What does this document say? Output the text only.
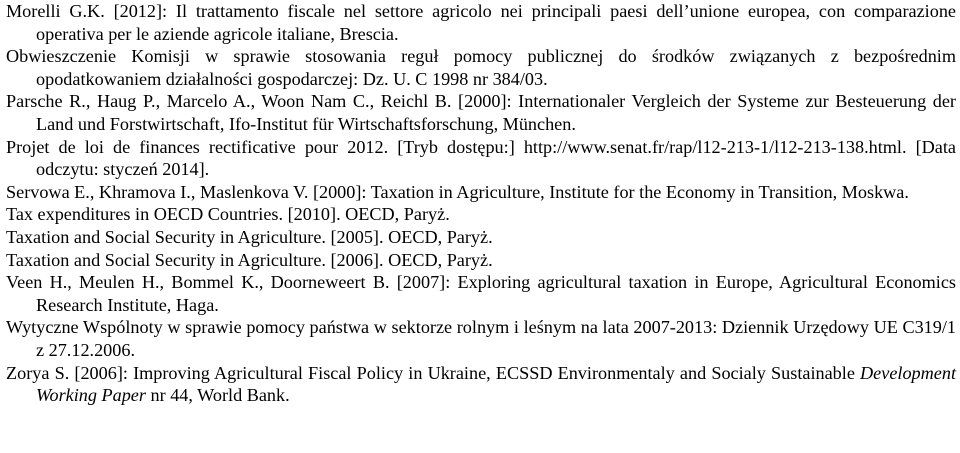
Morelli G.K. [2012]: Il trattamento fiscale nel settore agricolo nei principali paesi dell’unione europea, con comparazione operativa per le aziende agricole italiane, Brescia.

Obwieszczenie Komisji w sprawie stosowania reguł pomocy publicznej do środków związanych z bezpośrednim opodatkowaniem działalności gospodarczej: Dz. U. C 1998 nr 384/03.

Parsche R., Haug P., Marcelo A., Woon Nam C., Reichl B. [2000]: Internationaler Vergleich der Systeme zur Besteuerung der Land und Forstwirtschaft, Ifo-Institut für Wirtschaftsforschung, München.

Projet de loi de finances rectificative pour 2012. [Tryb dostępu:] http://www.senat.fr/rap/l12-213-1/l12-213-138.html. [Data odczytu: styczeń 2014].

Servowa E., Khramova I., Maslenkova V. [2000]: Taxation in Agriculture, Institute for the Economy in Transition, Moskwa.

Tax expenditures in OECD Countries. [2010]. OECD, Paryż.

Taxation and Social Security in Agriculture. [2005]. OECD, Paryż.

Taxation and Social Security in Agriculture. [2006]. OECD, Paryż.

Veen H., Meulen H., Bommel K., Doorneweert B. [2007]: Exploring agricultural taxation in Europe, Agricultural Economics Research Institute, Haga.

Wytyczne Wspólnoty w sprawie pomocy państwa w sektorze rolnym i leśnym na lata 2007-2013: Dziennik Urzędowy UE C319/1 z 27.12.2006.

Zorya S. [2006]: Improving Agricultural Fiscal Policy in Ukraine, ECSSD Environmentaly and Socialy Sustainable Development Working Paper nr 44, World Bank.
